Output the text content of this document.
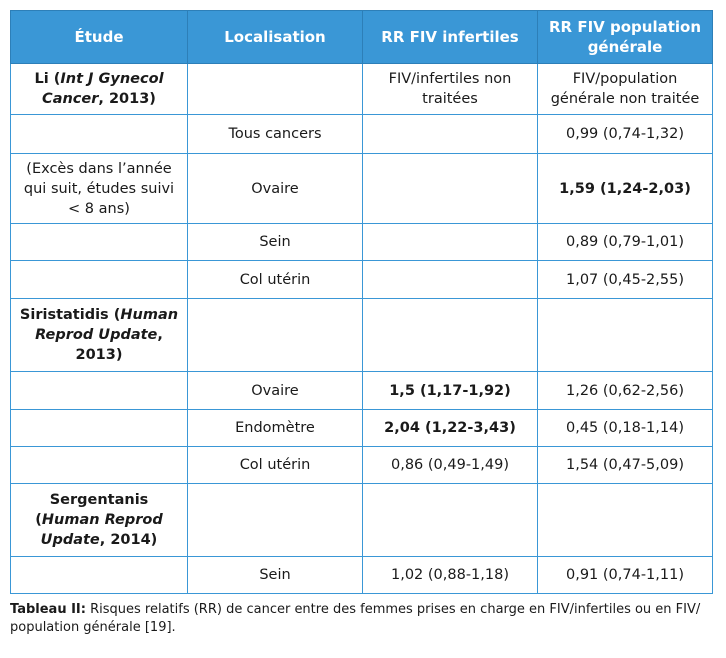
Étude	Localisation	RR FIV infertiles	RR FIV population générale
Li (Int J Gynecol Cancer, 2013)		FIV/infertiles non traitées	FIV/population générale non traitée
	Tous cancers		0,99 (0,74-1,32)
(Excès dans l’année qui suit, études suivi < 8 ans)	Ovaire		1,59 (1,24-2,03)
	Sein		0,89 (0,79-1,01)
	Col utérin		1,07 (0,45-2,55)
Siristatidis (Human Reprod Update, 2013)			
	Ovaire	1,5 (1,17-1,92)	1,26 (0,62-2,56)
	Endomètre	2,04 (1,22-3,43)	0,45 (0,18-1,14)
	Col utérin	0,86 (0,49-1,49)	1,54 (0,47-5,09)
Sergentanis (Human Reprod Update, 2014)			
	Sein	1,02 (0,88-1,18)	0,91 (0,74-1,11)
Tableau II: Risques relatifs (RR) de cancer entre des femmes prises en charge en FIV/infertiles ou en FIV/ population générale [19].
